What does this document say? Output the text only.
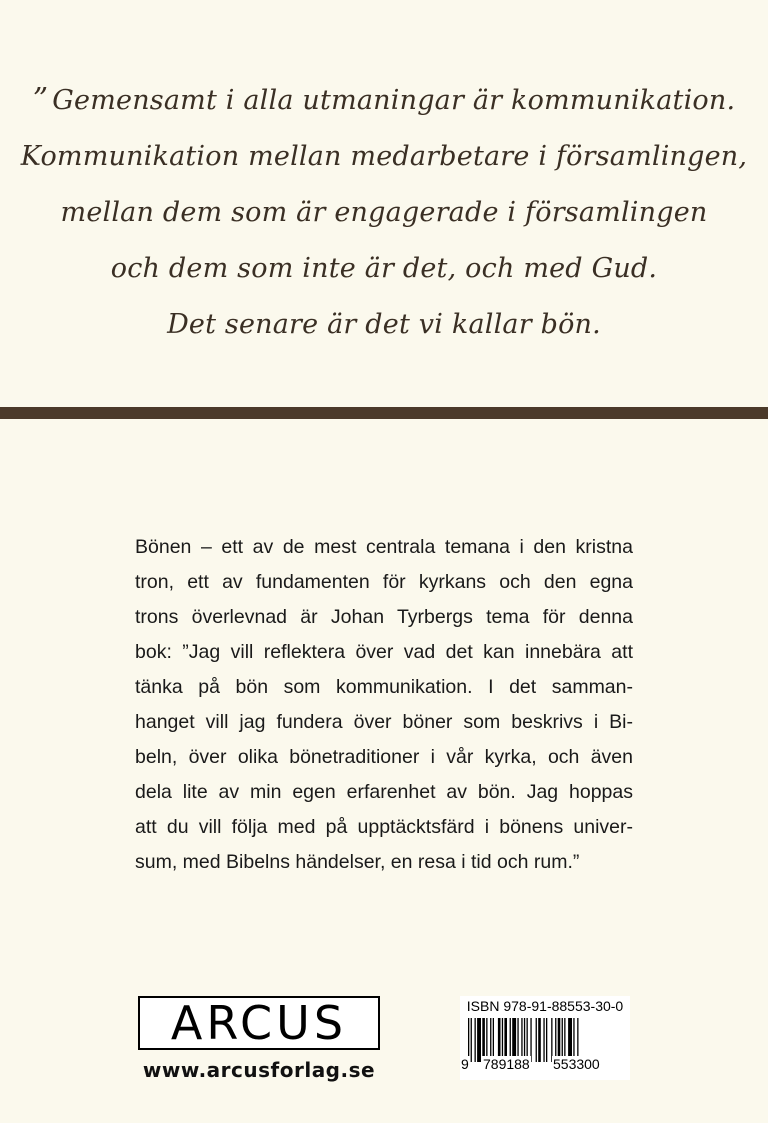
” Gemensamt i alla utmaningar är kommunikation.
Kommunikation mellan medarbetare i församlingen,
mellan dem som är engagerade i församlingen
och dem som inte är det, och med Gud.
Det senare är det vi kallar bön.
Bönen – ett av de mest centrala temana i den kristna
tron, ett av fundamenten för kyrkans och den egna
trons överlevnad är Johan Tyrbergs tema för denna
bok: ”Jag vill reflektera över vad det kan innebära att
tänka på bön som kommunikation. I det samman-
hanget vill jag fundera över böner som beskrivs i Bi-
beln, över olika bönetraditioner i vår kyrka, och även
dela lite av min egen erfarenhet av bön. Jag hoppas
att du vill följa med på upptäcktsfärd i bönens univer-
sum, med Bibelns händelser, en resa i tid och rum.”
ARCUS
www.arcusforlag.se
ISBN 978-91-88553-30-0
9 789188 553300
